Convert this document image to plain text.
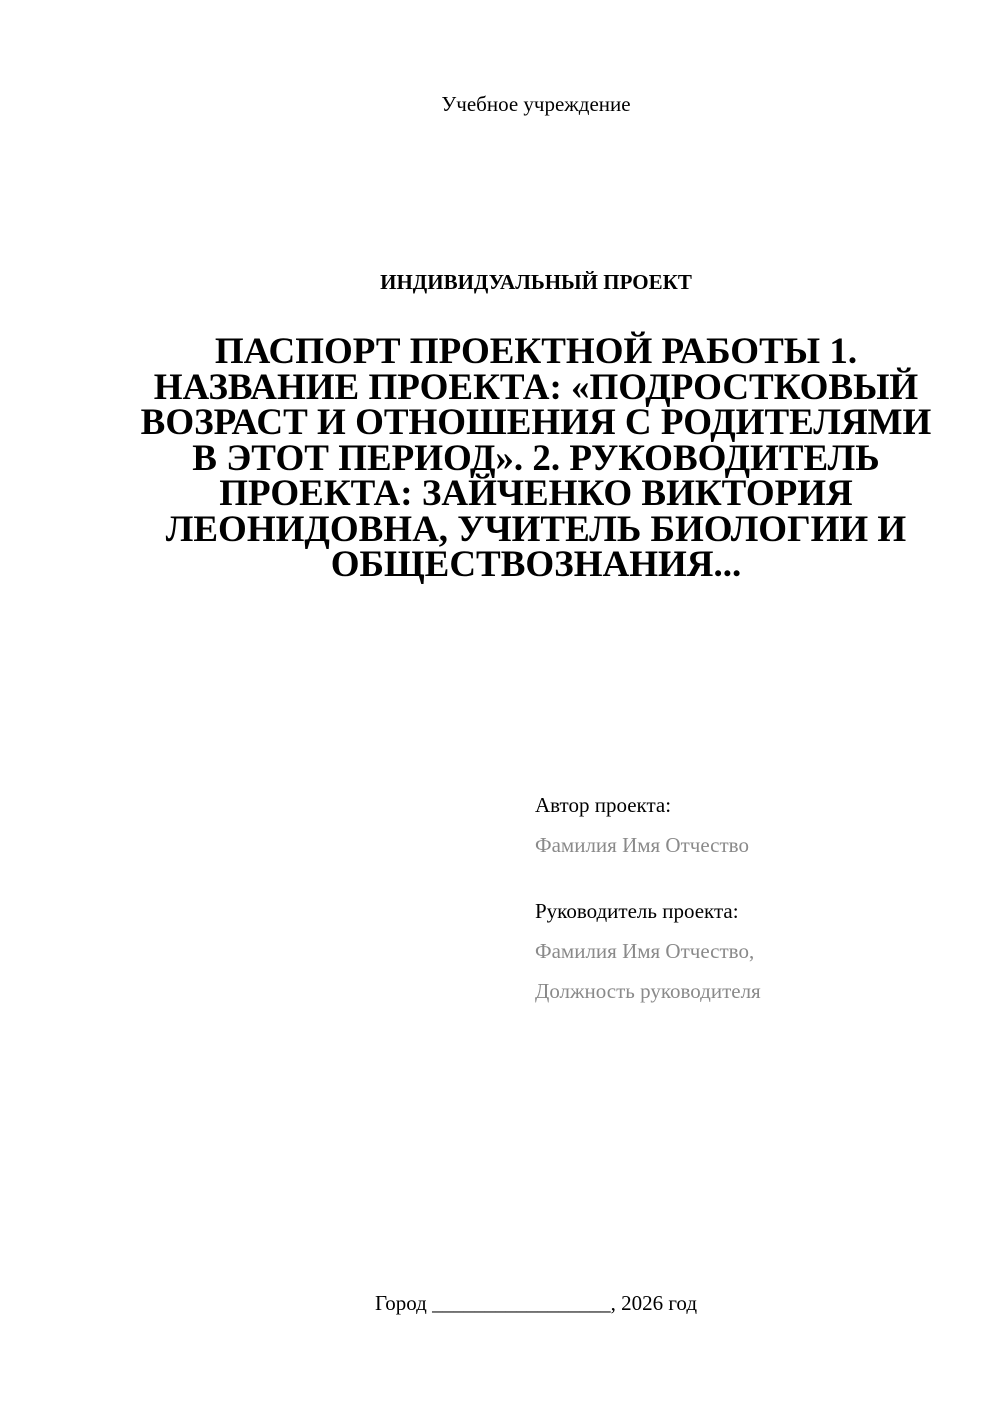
Учебное учреждение
ИНДИВИДУАЛЬНЫЙ ПРОЕКТ
ПАСПОРТ ПРОЕКТНОЙ РАБОТЫ 1. НАЗВАНИЕ ПРОЕКТА: «ПОДРОСТКОВЫЙ ВОЗРАСТ И ОТНОШЕНИЯ С РОДИТЕЛЯМИ В ЭТОТ ПЕРИОД». 2. РУКОВОДИТЕЛЬ ПРОЕКТА: ЗАЙЧЕНКО ВИКТОРИЯ ЛЕОНИДОВНА, УЧИТЕЛЬ БИОЛОГИИ И ОБЩЕСТВОЗНАНИЯ...
Автор проекта:
Фамилия Имя Отчество
Руководитель проекта:
Фамилия Имя Отчество,
Должность руководителя
Город _________________, 2026 год
